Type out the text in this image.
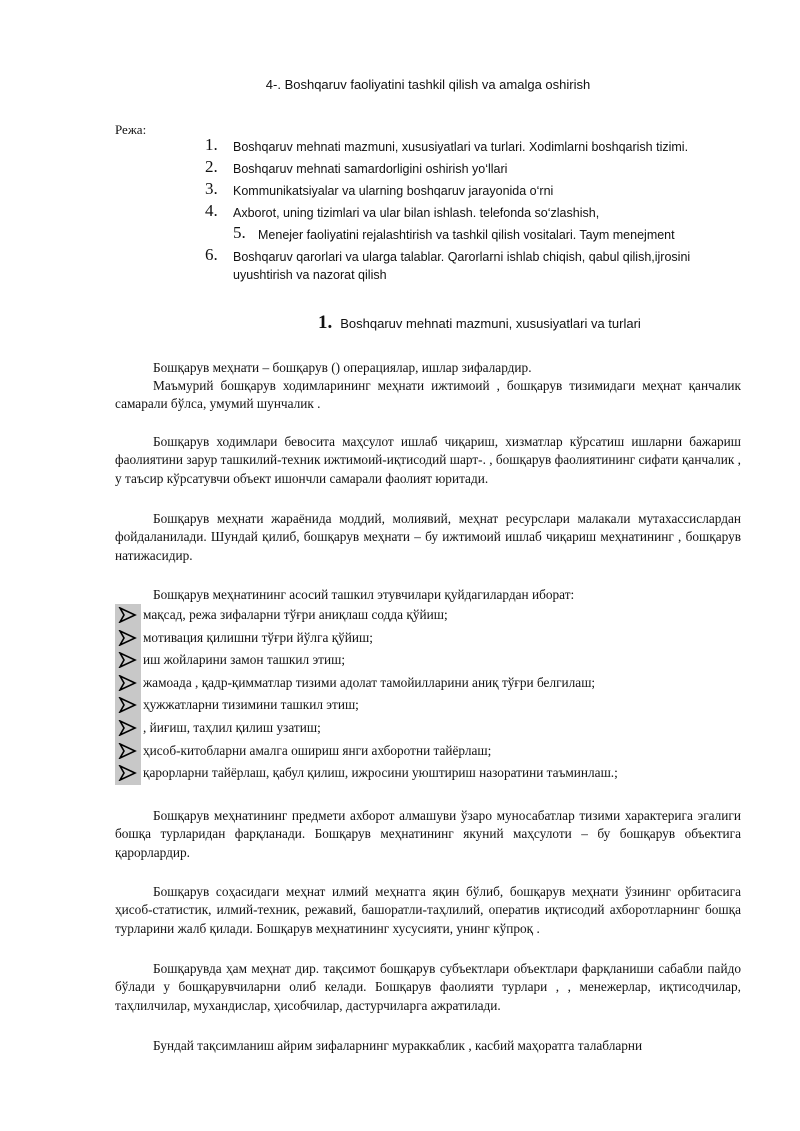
4-. Boshqaruv faoliyatini tashkil qilish va amalga oshirish
Режа:
1. Boshqaruv mehnati mazmuni, xususiyatlari va turlari. Xodimlarni boshqarish tizimi.
2. Boshqaruv mehnati samardorligini oshirish yo‘llari
3. Kommunikatsiyalar va ularning boshqaruv jarayonida o‘rni
4. Axborot, uning tizimlari va ular bilan ishlash. telefonda so‘zlashish,
5. Menejer faoliyatini rejalashtirish va tashkil qilish vositalari. Taym menejment
6. Boshqaruv qarorlari va ularga talablar. Qarorlarni ishlab chiqish, qabul qilish,ijrosini uyushtirish va nazorat qilish
1. Boshqaruv mehnati mazmuni, xususiyatlari va turlari

Бошқарув меҳнати – бошқарув () операциялар, ишлар зифалардир.

Маъмурий бошқарув ходимларининг меҳнати ижтимоий , бошқарув тизимидаги меҳнат қанчалик самарали бўлса, умумий шунчалик .

Бошқарув ходимлари бевосита маҳсулот ишлаб чиқариш, хизматлар кўрсатиш ишларни бажариш фаолиятини зарур ташкилий-техник ижтимоий-иқтисодий шарт-. , бошқарув фаолиятининг сифати қанчалик , у таъсир кўрсатувчи объект ишончли самарали фаолият юритади.

Бошқарув меҳнати жараёнида моддий, молиявий, меҳнат ресурслари малакали мутахассислардан фойдаланилади. Шундай қилиб, бошқарув меҳнати – бу ижтимоий ишлаб чиқариш меҳнатининг , бошқарув натижасидир.

Бошқарув меҳнатининг асосий ташкил этувчилари қуйдагилардан иборат:

мақсад, режа зифаларни тўғри аниқлаш содда қўйиш;
мотивация қилишни тўғри йўлга қўйиш;
иш жойларини замон ташкил этиш;
жамоада , қадр-қимматлар тизими адолат тамойилларини аниқ тўғри белгилаш;
ҳужжатларни тизимини ташкил этиш;
, йиғиш, таҳлил қилиш узатиш;
ҳисоб-китобларни амалга ошириш янги ахборотни тайёрлаш;
қарорларни тайёрлаш, қабул қилиш, ижросини уюштириш назоратини таъминлаш.;

Бошқарув меҳнатининг предмети ахборот алмашуви ўзаро муносабатлар тизими характерига эгалиги бошқа турларидан фарқланади. Бошқарув меҳнатининг якуний маҳсулоти – бу бошқарув объектига қарорлардир.

Бошқарув соҳасидаги меҳнат илмий меҳнатга яқин бўлиб, бошқарув меҳнати ўзининг орбитасига ҳисоб-статистик, илмий-техник, режавий, башоратли-таҳлилий, оператив иқтисодий ахборотларнинг бошқа турларини жалб қилади. Бошқарув меҳнатининг хусусияти, унинг кўпроқ .

Бошқарувда ҳам меҳнат дир. тақсимот бошқарув субъектлари объектлари фарқланиши сабабли пайдо бўлади у бошқарувчиларни олиб келади. Бошқарув фаолияти турлари , , менежерлар, иқтисодчилар, таҳлилчилар, мухандислар, ҳисобчилар, дастурчиларга ажратилади.

Бундай тақсимланиш айрим зифаларнинг мураккаблик , касбий маҳоратга талабларни
